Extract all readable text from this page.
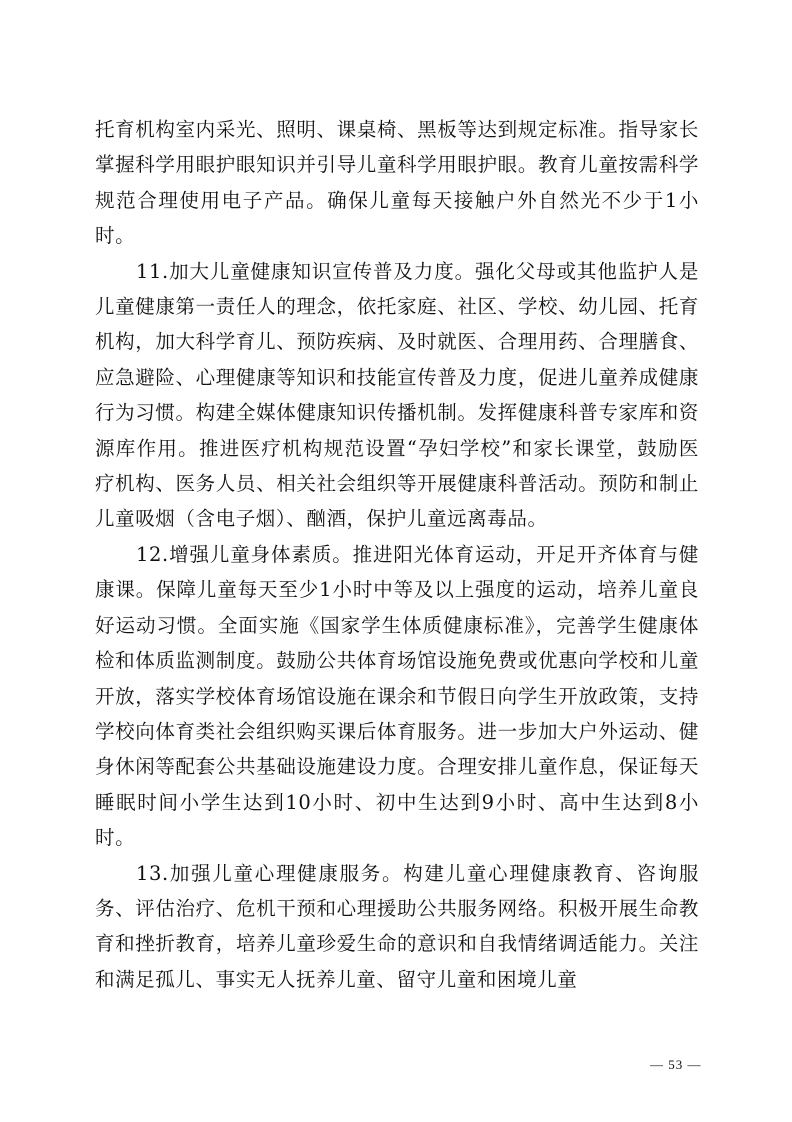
托育机构室内采光、照明、课桌椅、黑板等达到规定标准。指导家长掌握科学用眼护眼知识并引导儿童科学用眼护眼。教育儿童按需科学规范合理使用电子产品。确保儿童每天接触户外自然光不少于1小时。

11.加大儿童健康知识宣传普及力度。强化父母或其他监护人是儿童健康第一责任人的理念，依托家庭、社区、学校、幼儿园、托育机构，加大科学育儿、预防疾病、及时就医、合理用药、合理膳食、应急避险、心理健康等知识和技能宣传普及力度，促进儿童养成健康行为习惯。构建全媒体健康知识传播机制。发挥健康科普专家库和资源库作用。推进医疗机构规范设置“孕妇学校”和家长课堂，鼓励医疗机构、医务人员、相关社会组织等开展健康科普活动。预防和制止儿童吸烟（含电子烟）、酗酒，保护儿童远离毒品。

12.增强儿童身体素质。推进阳光体育运动，开足开齐体育与健康课。保障儿童每天至少1小时中等及以上强度的运动，培养儿童良好运动习惯。全面实施《国家学生体质健康标准》，完善学生健康体检和体质监测制度。鼓励公共体育场馆设施免费或优惠向学校和儿童开放，落实学校体育场馆设施在课余和节假日向学生开放政策，支持学校向体育类社会组织购买课后体育服务。进一步加大户外运动、健身休闲等配套公共基础设施建设力度。合理安排儿童作息，保证每天睡眠时间小学生达到10小时、初中生达到9小时、高中生达到8小时。

13.加强儿童心理健康服务。构建儿童心理健康教育、咨询服务、评估治疗、危机干预和心理援助公共服务网络。积极开展生命教育和挫折教育，培养儿童珍爱生命的意识和自我情绪调适能力。关注和满足孤儿、事实无人抚养儿童、留守儿童和困境儿童

— 53 —
